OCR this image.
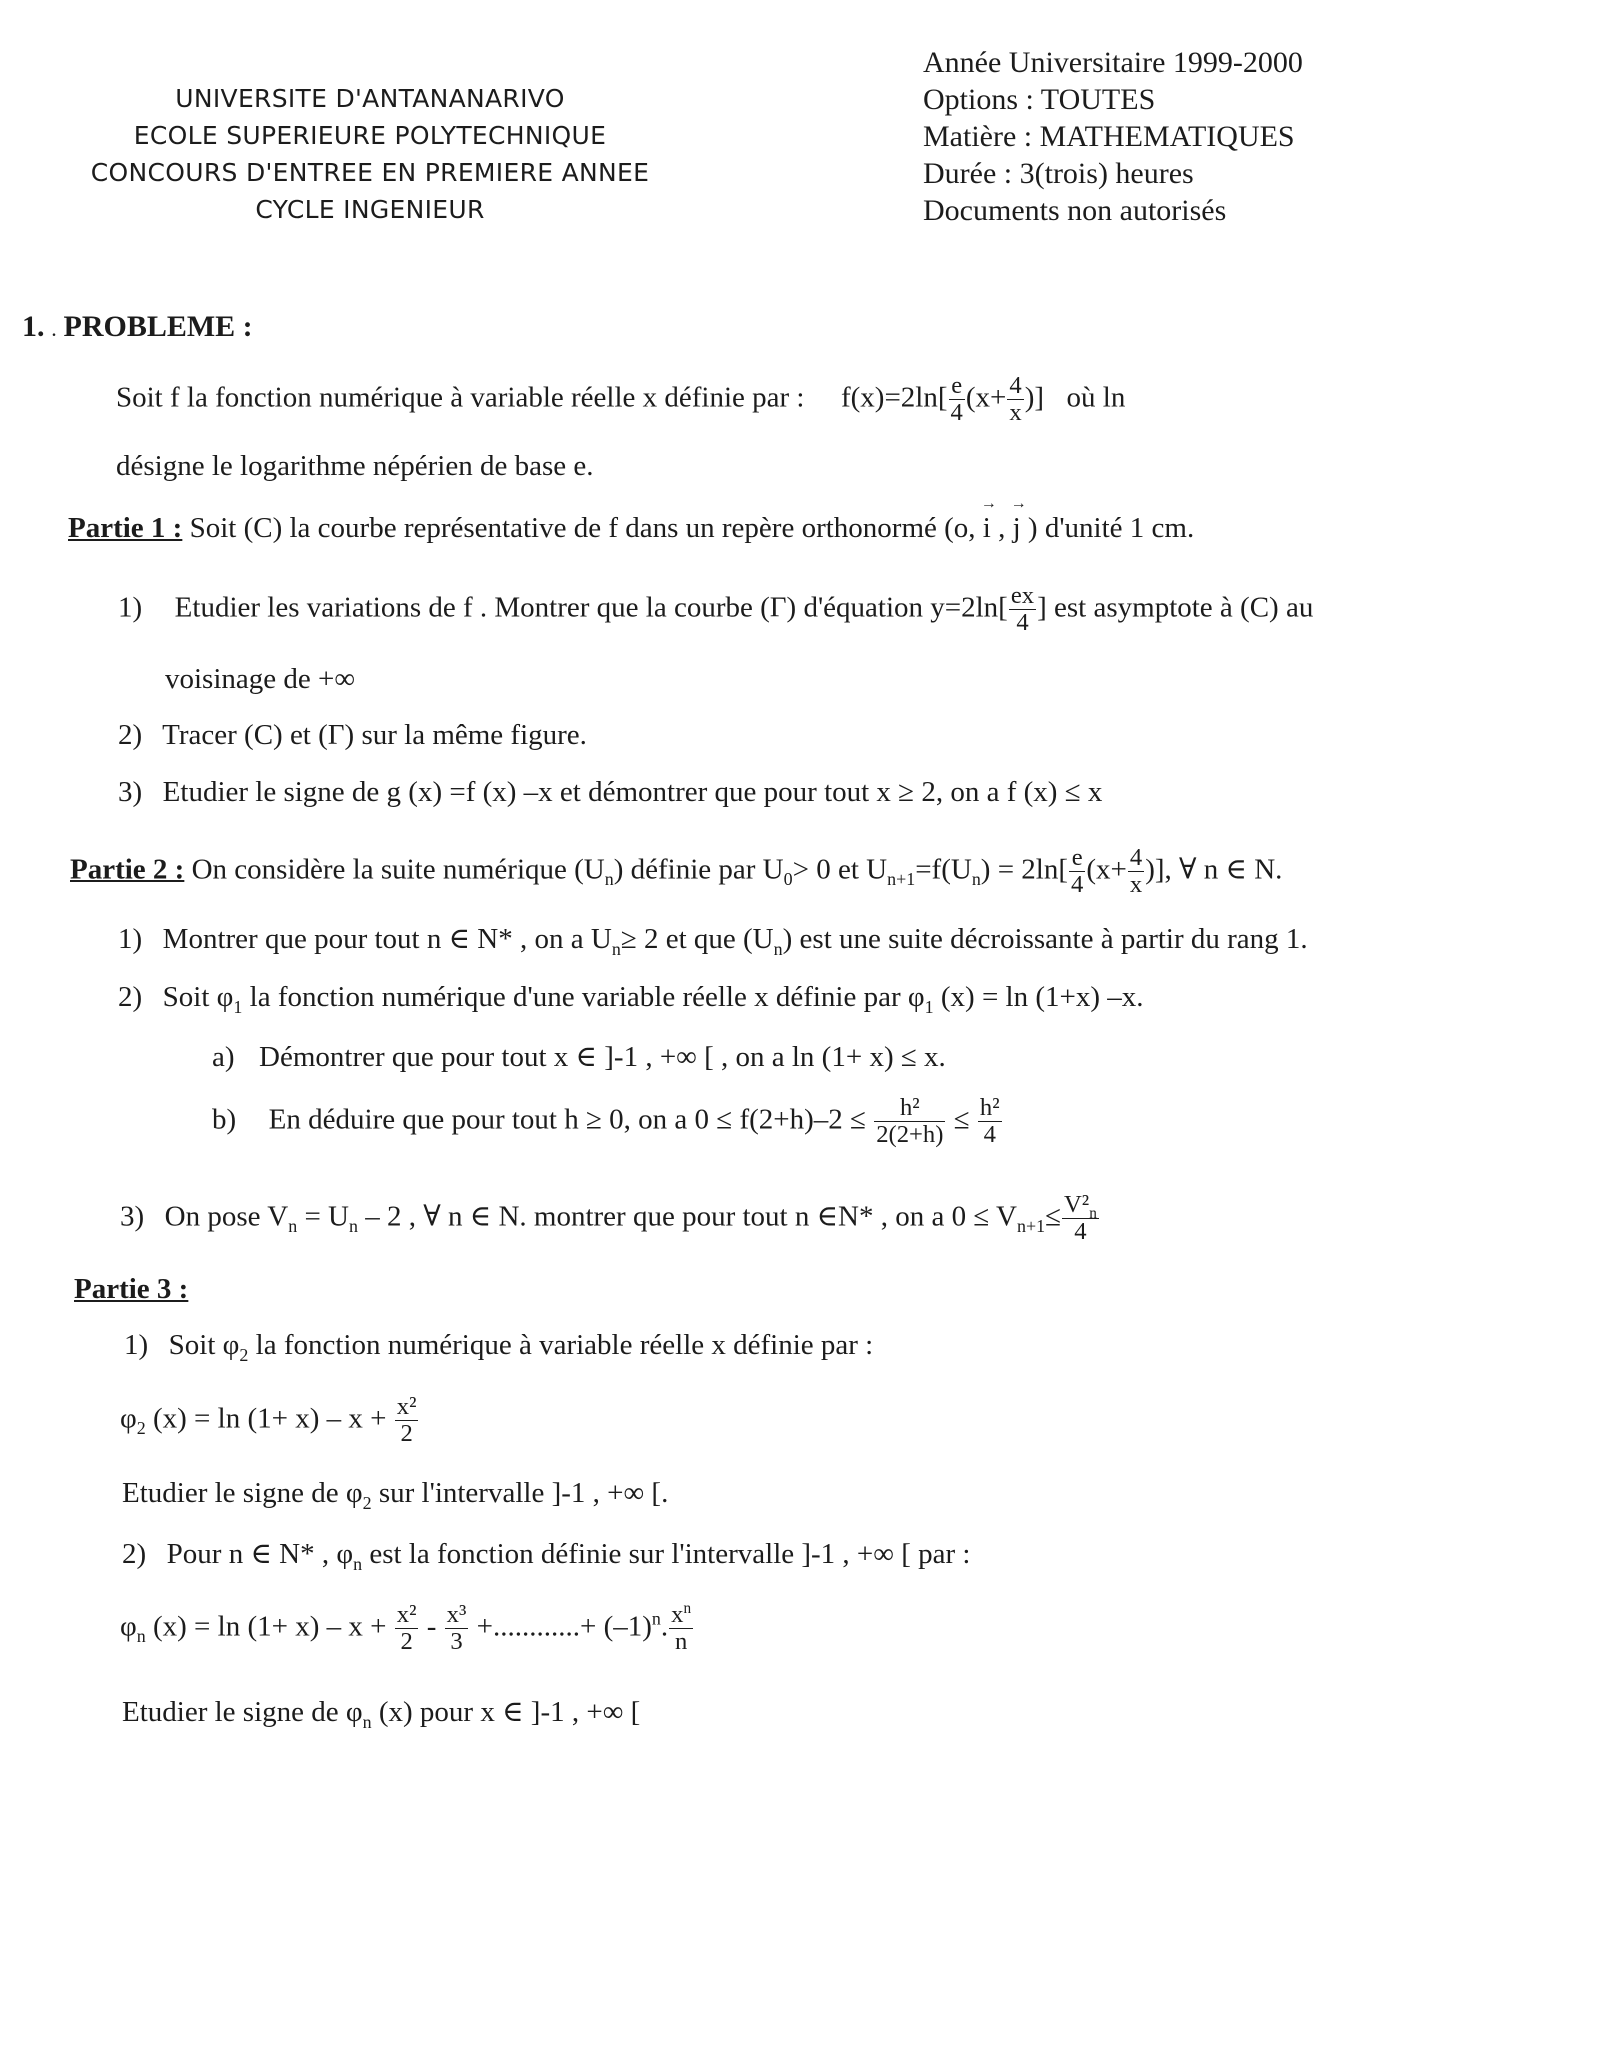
UNIVERSITE D'ANTANANARIVO
ECOLE SUPERIEURE POLYTECHNIQUE
CONCOURS D'ENTREE EN PREMIERE ANNEE
CYCLE INGENIEUR
Année Universitaire 1999-2000
Options : TOUTES
Matière : MATHEMATIQUES
Durée : 3(trois) heures
Documents non autorisés
1. . PROBLEME :
Soit f la fonction numérique à variable réelle x définie par : $f(x)=2\ln[ \frac{e}{4} (x+ \frac{4}{x}$ )]  où ln
désigne le logarithme népérien de base e.
Partie 1 : Soit (C) la courbe représentative de f dans un repère orthonormé (o, → i , → j ) d'unité 1 cm.
1) Etudier les variations de f . Montrer que la courbe (Γ) d'équation $y=2\ln[ \frac{ex}{4}$ ] est asymptote à (C) au
voisinage de +∞
2) Tracer (C) et (Γ) sur la même figure.
3) Etudier le signe de g (x) =f (x) –x et démontrer que pour tout x ≥ 2, on a f (x) ≤ x
Partie 2 : On considère la suite numérique $(U_n)$ définie par $U_0> 0$ et $U_{n+1}=f(U_n) = 2\ln[ \frac{e}{4} (x+ \frac{4}{x}$ )], ∀ n ∈ N.
1) Montrer que pour tout n ∈ N* , on a $U_n\ge 2$ et que $(U_n)$ est une suite décroissante à partir du rang 1.
2) Soit $\varphi_1$ la fonction numérique d'une variable réelle x définie par $\varphi_1$ (x) = ln (1+x) –x.
a) Démontrer que pour tout x ∈ ]-1 , +∞ [ , on a ln (1+ x) ≤ x.
b) En déduire que pour tout h ≥ 0, on a $0 \le f(2+h)-2 \le \frac{\text{h²}}{2(2+h)} \le \frac{\text{h²}}{4}$
3) On pose $V_n = U_n - 2$ , ∀ n ∈ N. montrer que pour tout n ∈N* , on a $0 \le V_{n+1}\le \frac{V^2_n}{4}$
Partie 3 :
1) Soit $\varphi_2$ la fonction numérique à variable réelle x définie par :
$\varphi_2$ $(x) = \ln (1+ x) - x + \frac{\text{x²}}{2}$
Etudier le signe de $\varphi_2$ sur l'intervalle ]-1 , +∞ [.
2) Pour n ∈ N* , $\varphi_n$ est la fonction définie sur l'intervalle ]-1 , +∞ [ par :
$\varphi_n$ $(x) = \ln (1+ x) - x + \frac{\text{x²}}{2} - \frac{\text{x³}}{3}$ +............+ $(-1)^n$. $\frac{x^n}{n}$
Etudier le signe de $\varphi_n$ (x) pour x ∈ ]-1 , +∞ [
